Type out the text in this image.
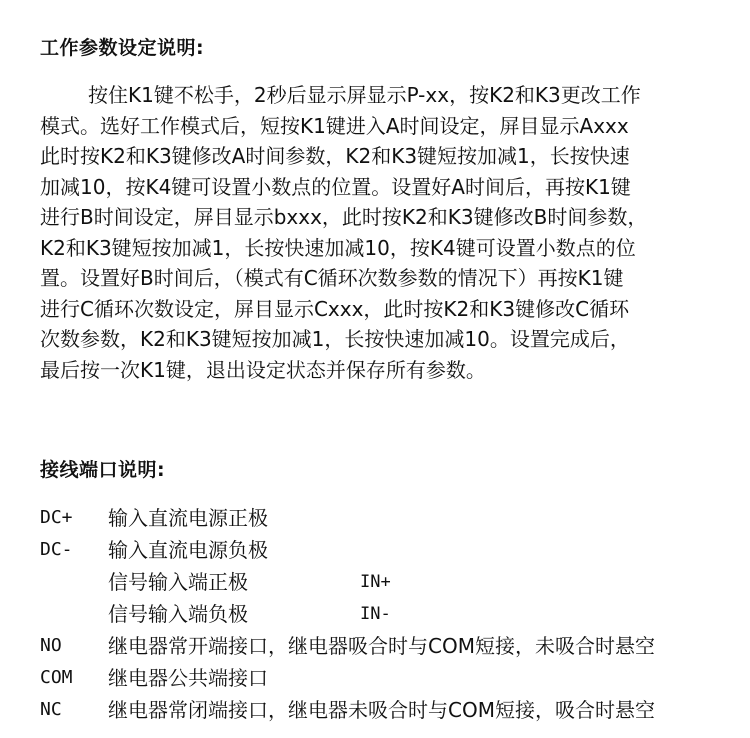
工作参数设定说明:
按住K1键不松手，2秒后显示屏显示P-xx，按K2和K3更改工作
模式。选好工作模式后，短按K1键进入A时间设定，屏目显示Axxx
此时按K2和K3键修改A时间参数，K2和K3键短按加减1，长按快速
加减10，按K4键可设置小数点的位置。设置好A时间后，再按K1键
进行B时间设定，屏目显示bxxx，此时按K2和K3键修改B时间参数，
K2和K3键短按加减1，长按快速加减10，按K4键可设置小数点的位
置。设置好B时间后，（模式有C循环次数参数的情况下）再按K1键
进行C循环次数设定，屏目显示Cxxx，此时按K2和K3键修改C循环
次数参数，K2和K3键短按加减1，长按快速加减10。设置完成后，
最后按一次K1键，退出设定状态并保存所有参数。
接线端口说明:
DC+ 输入直流电源正极
DC- 输入直流电源负极
信号输入端正极	IN+
信号输入端负极	IN-
NO 继电器常开端接口，继电器吸合时与COM短接，未吸合时悬空
COM 继电器公共端接口
NC 继电器常闭端接口，继电器未吸合时与COM短接，吸合时悬空
